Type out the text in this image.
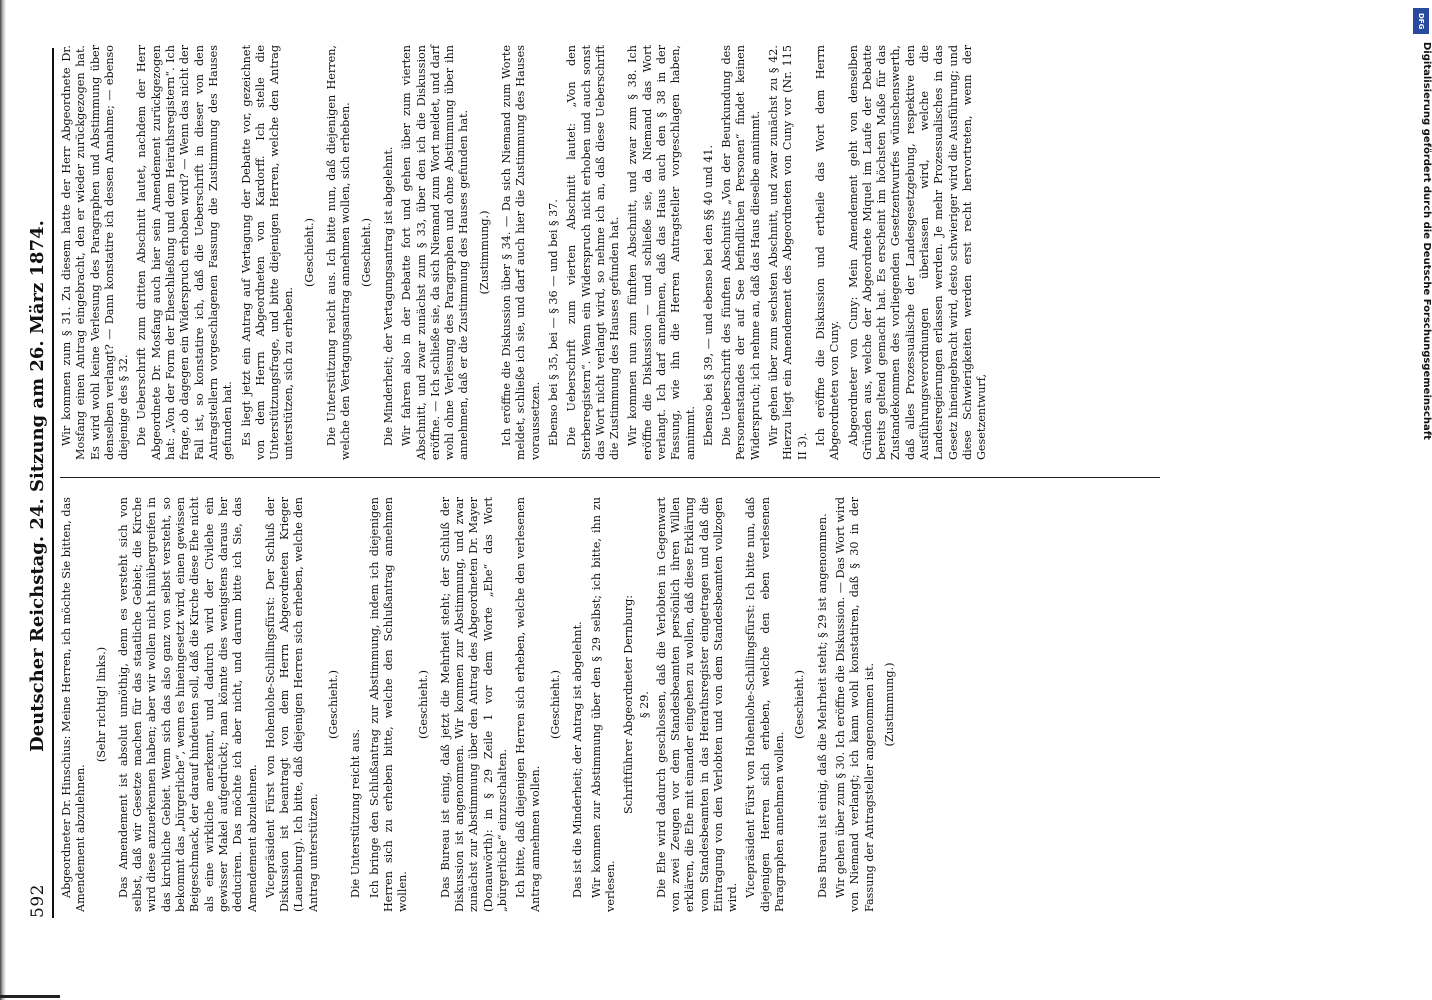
592
Deutscher Reichstag. 24. Sitzung am 26. März 1874. Abgeordneter Dr. Hinschius: Meine Herren, ich möchte Sie bitten, das Amendement abzulehnen.

(Sehr richtig! links.) Das Amendement ist absolut unnöthig, denn es versteht sich von selbst, daß wir Gesetze machen für das staatliche Gebiet; die Kirche wird diese anzuerkennen haben; aber wir wollen nicht hinübergreifen in das kirchliche Gebiet. Wenn sich das also ganz von selbst versteht, so bekommt das „bürgerliche“, wenn es hineingesetzt wird, einen gewissen Beigeschmack, der darauf hindeuten soll, daß die Kirche diese Ehe nicht als eine wirkliche anerkennt, und dadurch wird der Civilehe ein gewisser Makel aufgedrückt; man könnte dies wenigstens daraus her deduciren. Das möchte ich aber nicht, und darum bitte ich Sie, das Amendement abzulehnen. Vicepräsident Fürst von Hohenlohe-Schillingsfürst: Der Schluß der Diskussion ist beantragt von dem Herrn Abgeordneten Krieger (Lauenburg). Ich bitte, daß diejenigen Herren sich erheben, welche den Antrag unterstützen.

(Geschieht.)

Die Unterstützung reicht aus. Ich bringe den Schlußantrag zur Abstimmung, indem ich diejenigen Herren sich zu erheben bitte, welche den Schlußantrag annehmen wollen.

(Geschieht.) Das Bureau ist einig, daß jetzt die Mehrheit steht; der Schluß der Diskussion ist angenommen. Wir kommen zur Abstimmung, und zwar zunächst zur Abstimmung über den Antrag des Abgeordneten Dr. Mayer (Donauwörth): in § 29 Zeile 1 vor dem Worte „Ehe“ das Wort „bürgerliche“ einzuschalten. Ich bitte, daß diejenigen Herren sich erheben, welche den verlesenen Antrag annehmen wollen.

(Geschieht.) Das ist die Minderheit; der Antrag ist abgelehnt. Wir kommen zur Abstimmung über den § 29 selbst; ich bitte, ihn zu verlesen.

Schriftführer Abgeordneter Dernburg: § 29. Die Ehe wird dadurch geschlossen, daß die Verlobten in Gegenwart von zwei Zeugen vor dem Standesbeamten persönlich ihren Willen erklären, die Ehe mit einander eingehen zu wollen, daß diese Erklärung vom Standesbeamten in das Heirathsregister eingetragen und daß die Eintragung von den Verlobten und von dem Standesbeamten vollzogen wird. Vicepräsident Fürst von Hohenlohe-Schillingsfürst: Ich bitte nun, daß diejenigen Herren sich erheben, welche den eben verlesenen Paragraphen annehmen wollen.

(Geschieht.) Das Bureau ist einig, daß die Mehrheit steht; § 29 ist angenommen. Wir gehen über zum § 30. Ich eröffne die Diskussion. — Das Wort wird von Niemand verlangt; ich kann wohl konstatiren, daß § 30 in der Fassung der Antragsteller angenommen ist. (Zustimmung.)

Wir kommen zum § 31. Zu diesem hatte der Herr Abgeordnete Dr. Mosfang einen Antrag eingebracht, den er wieder zurückgezogen hat. Es wird wohl keine Verlesung des Paragraphen und Abstimmung über denselben verlangt? — Dann konstatire ich dessen Annahme; — ebenso diejenige des § 32. Die Ueberschrift zum dritten Abschnitt lautet, nachdem der Herr Abgeordnete Dr. Mosfang auch hier sein Amendement zurückgezogen hat: „Von der Form der Eheschließung und dem Heirathsregistern“. Ich frage, ob dagegen ein Widerspruch erhoben wird? — Wenn das nicht der Fall ist, so konstatire ich, daß die Ueberschrift in dieser von den Antragstellern vorgeschlagenen Fassung die Zustimmung des Hauses gefunden hat. Es liegt jetzt ein Antrag auf Vertagung der Debatte vor, gezeichnet von dem Herrn Abgeordneten von Kardorff. Ich stelle die Unterstützungsfrage, und bitte diejenigen Herren, welche den Antrag unterstützen, sich zu erheben.

(Geschieht.) Die Unterstützung reicht aus. Ich bitte nun, daß diejenigen Herren, welche den Vertagungsantrag annehmen wollen, sich erheben. (Geschieht.) Die Minderheit; der Vertagungsantrag ist abgelehnt. Wir fahren also in der Debatte fort und gehen über zum vierten Abschnitt, und zwar zunächst zum § 33, über den ich die Diskussion eröffne. — Ich schließe sie, da sich Niemand zum Wort meldet, und darf wohl ohne Verlesung des Paragraphen und ohne Abstimmung über ihn annehmen, daß er die Zustimmung des Hauses gefunden hat. (Zustimmung.) Ich eröffne die Diskussion über § 34. — Da sich Niemand zum Worte meldet, schließe ich sie, und darf auch hier die Zustimmung des Hauses voraussetzen. Ebenso bei § 35, bei — § 36 — und bei § 37. Die Ueberschrift zum vierten Abschnitt lautet: „Von den Sterberegistern“. Wenn ein Widerspruch nicht erhoben und auch sonst das Wort nicht verlangt wird, so nehme ich an, daß diese Ueberschrift die Zustimmung des Hauses gefunden hat. Wir kommen nun zum fünften Abschnitt, und zwar zum § 38. Ich eröffne die Diskussion — und schließe sie, da Niemand das Wort verlangt. Ich darf annehmen, daß das Haus auch den § 38 in der Fassung, wie ihn die Herren Antragsteller vorgeschlagen haben, annimmt. Ebenso bei § 39, — und ebenso bei den §§ 40 und 41. Die Ueberschrift des fünften Abschnitts „Von der Beurkundung des Personenstandes der auf See befindlichen Personen“ findet keinen Widerspruch; ich nehme an, daß das Haus dieselbe annimmt. Wir gehen über zum sechsten Abschnitt, und zwar zunächst zu § 42. Hierzu liegt ein Amendement des Abgeordneten von Cuny vor (Nr. 115 II 3).

Ich eröffne die Diskussion und ertheile das Wort dem Herrn Abgeordneten von Cuny. Abgeordneter von Cuny: Mein Amendement geht von denselben Gründen aus, welche der Abgeordnete Miquel im Laufe der Debatte bereits geltend gemacht hat. Es erscheint im höchsten Maße für das Zustandekommen des vorliegenden Gesetzentwurfes wünschenswerth, daß alles Prozessualische der Landesgesetzgebung, respektive den Ausführungsverordnungen überlassen wird, welche die Landesregierungen erlassen werden. Je mehr Prozessualisches in das Gesetz hineingebracht wird, desto schwieriger wird die Ausführung; und diese Schwierigkeiten werden erst recht hervortreten, wenn der Gesetzentwurf,

DFG
Digitalisierung gefördert durch die Deutsche Forschungsgemeinschaft
